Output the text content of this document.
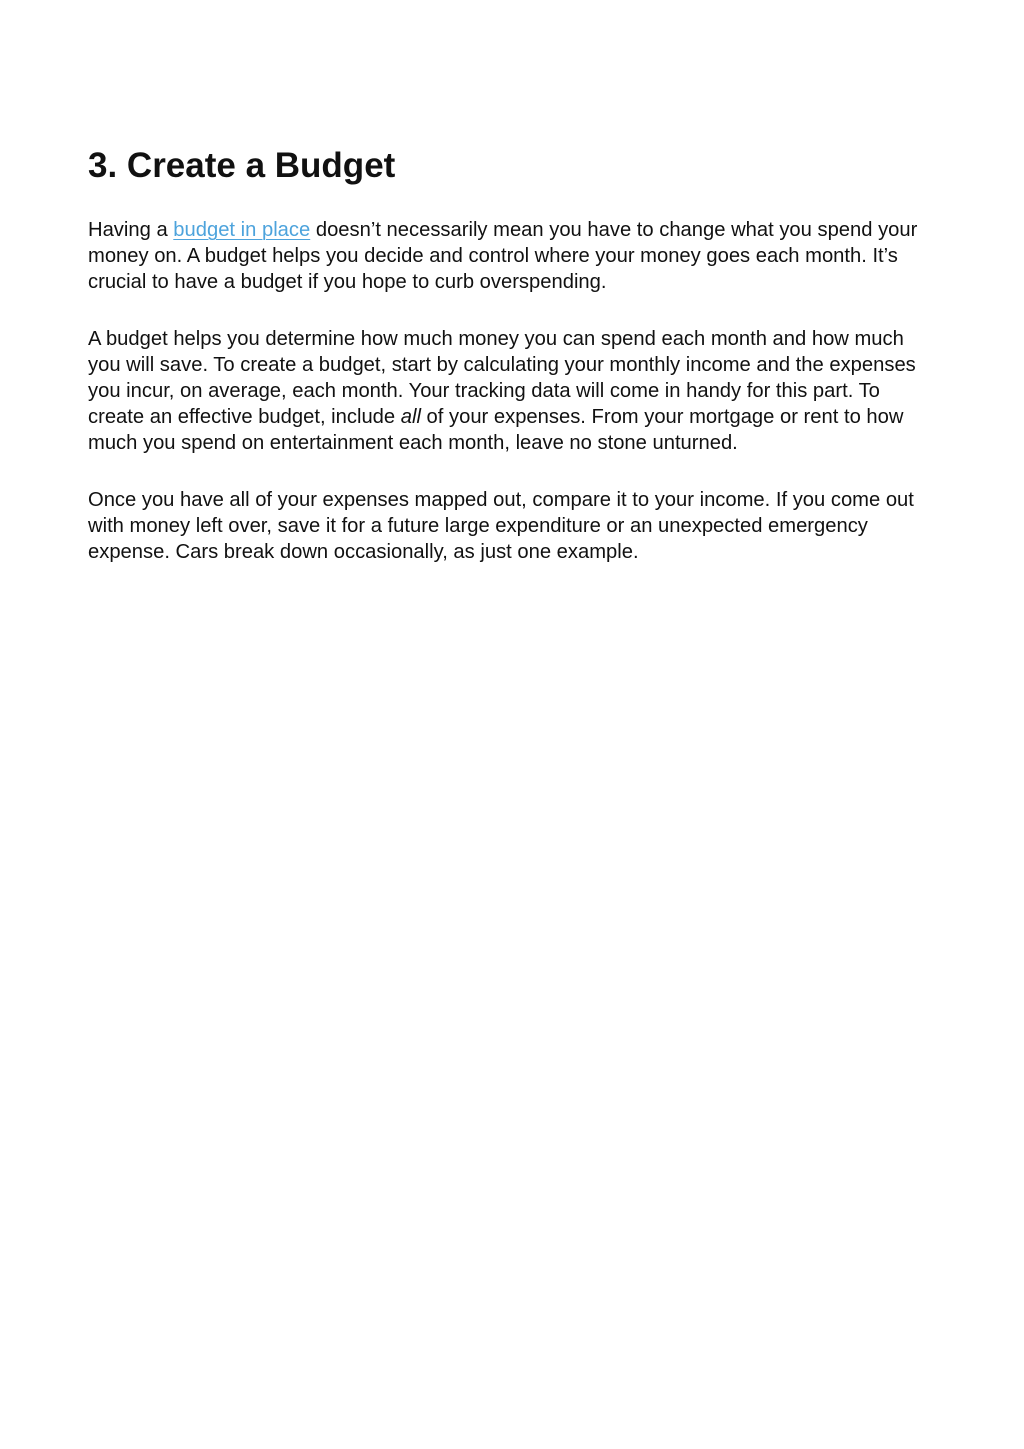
3. Create a Budget

Having a budget in place doesn’t necessarily mean you have to change what you spend your money on. A budget helps you decide and control where your money goes each month. It’s crucial to have a budget if you hope to curb overspending.

A budget helps you determine how much money you can spend each month and how much you will save. To create a budget, start by calculating your monthly income and the expenses you incur, on average, each month. Your tracking data will come in handy for this part. To create an effective budget, include all of your expenses. From your mortgage or rent to how much you spend on entertainment each month, leave no stone unturned.

Once you have all of your expenses mapped out, compare it to your income. If you come out with money left over, save it for a future large expenditure or an unexpected emergency expense. Cars break down occasionally, as just one example.
